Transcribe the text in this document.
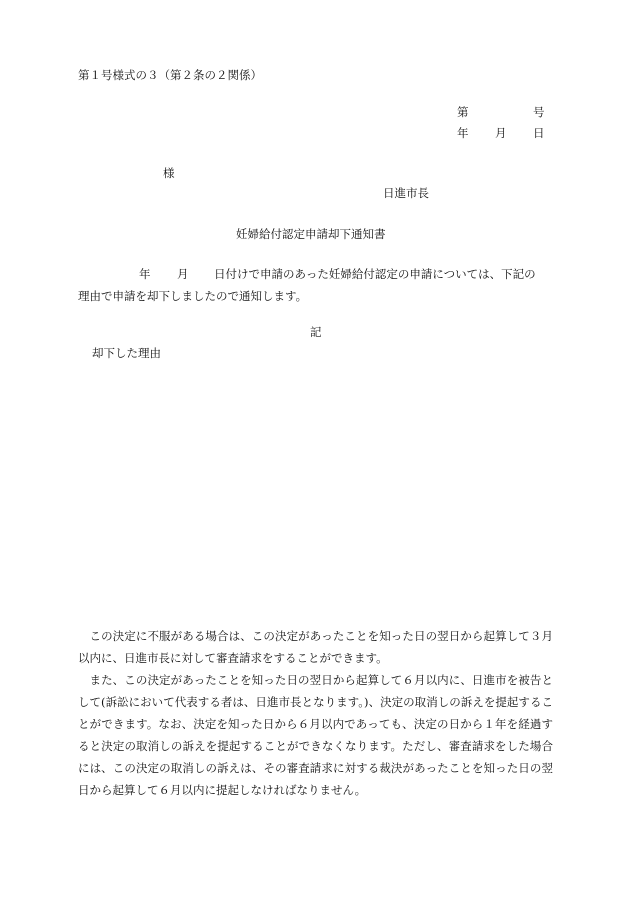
第１号様式の３（第２条の２関係）
第	号
年 月 日
様
日進市長
妊婦給付認定申請却下通知書
年 月 日付けで申請のあった妊婦給付認定の申請については、下記の
理由で申請を却下しましたので通知します。
記
却下した理由

この決定に不服がある場合は、この決定があったことを知った日の翌日から起算して３月以内に、日進市長に対して審査請求をすることができます。

また、この決定があったことを知った日の翌日から起算して６月以内に、日進市を被告として(訴訟において代表する者は、日進市長となります。)、決定の取消しの訴えを提起することができます。なお、決定を知った日から６月以内であっても、決定の日から１年を経過すると決定の取消しの訴えを提起することができなくなります。ただし、審査請求をした場合には、この決定の取消しの訴えは、その審査請求に対する裁決があったことを知った日の翌日から起算して６月以内に提起しなければなりません。
